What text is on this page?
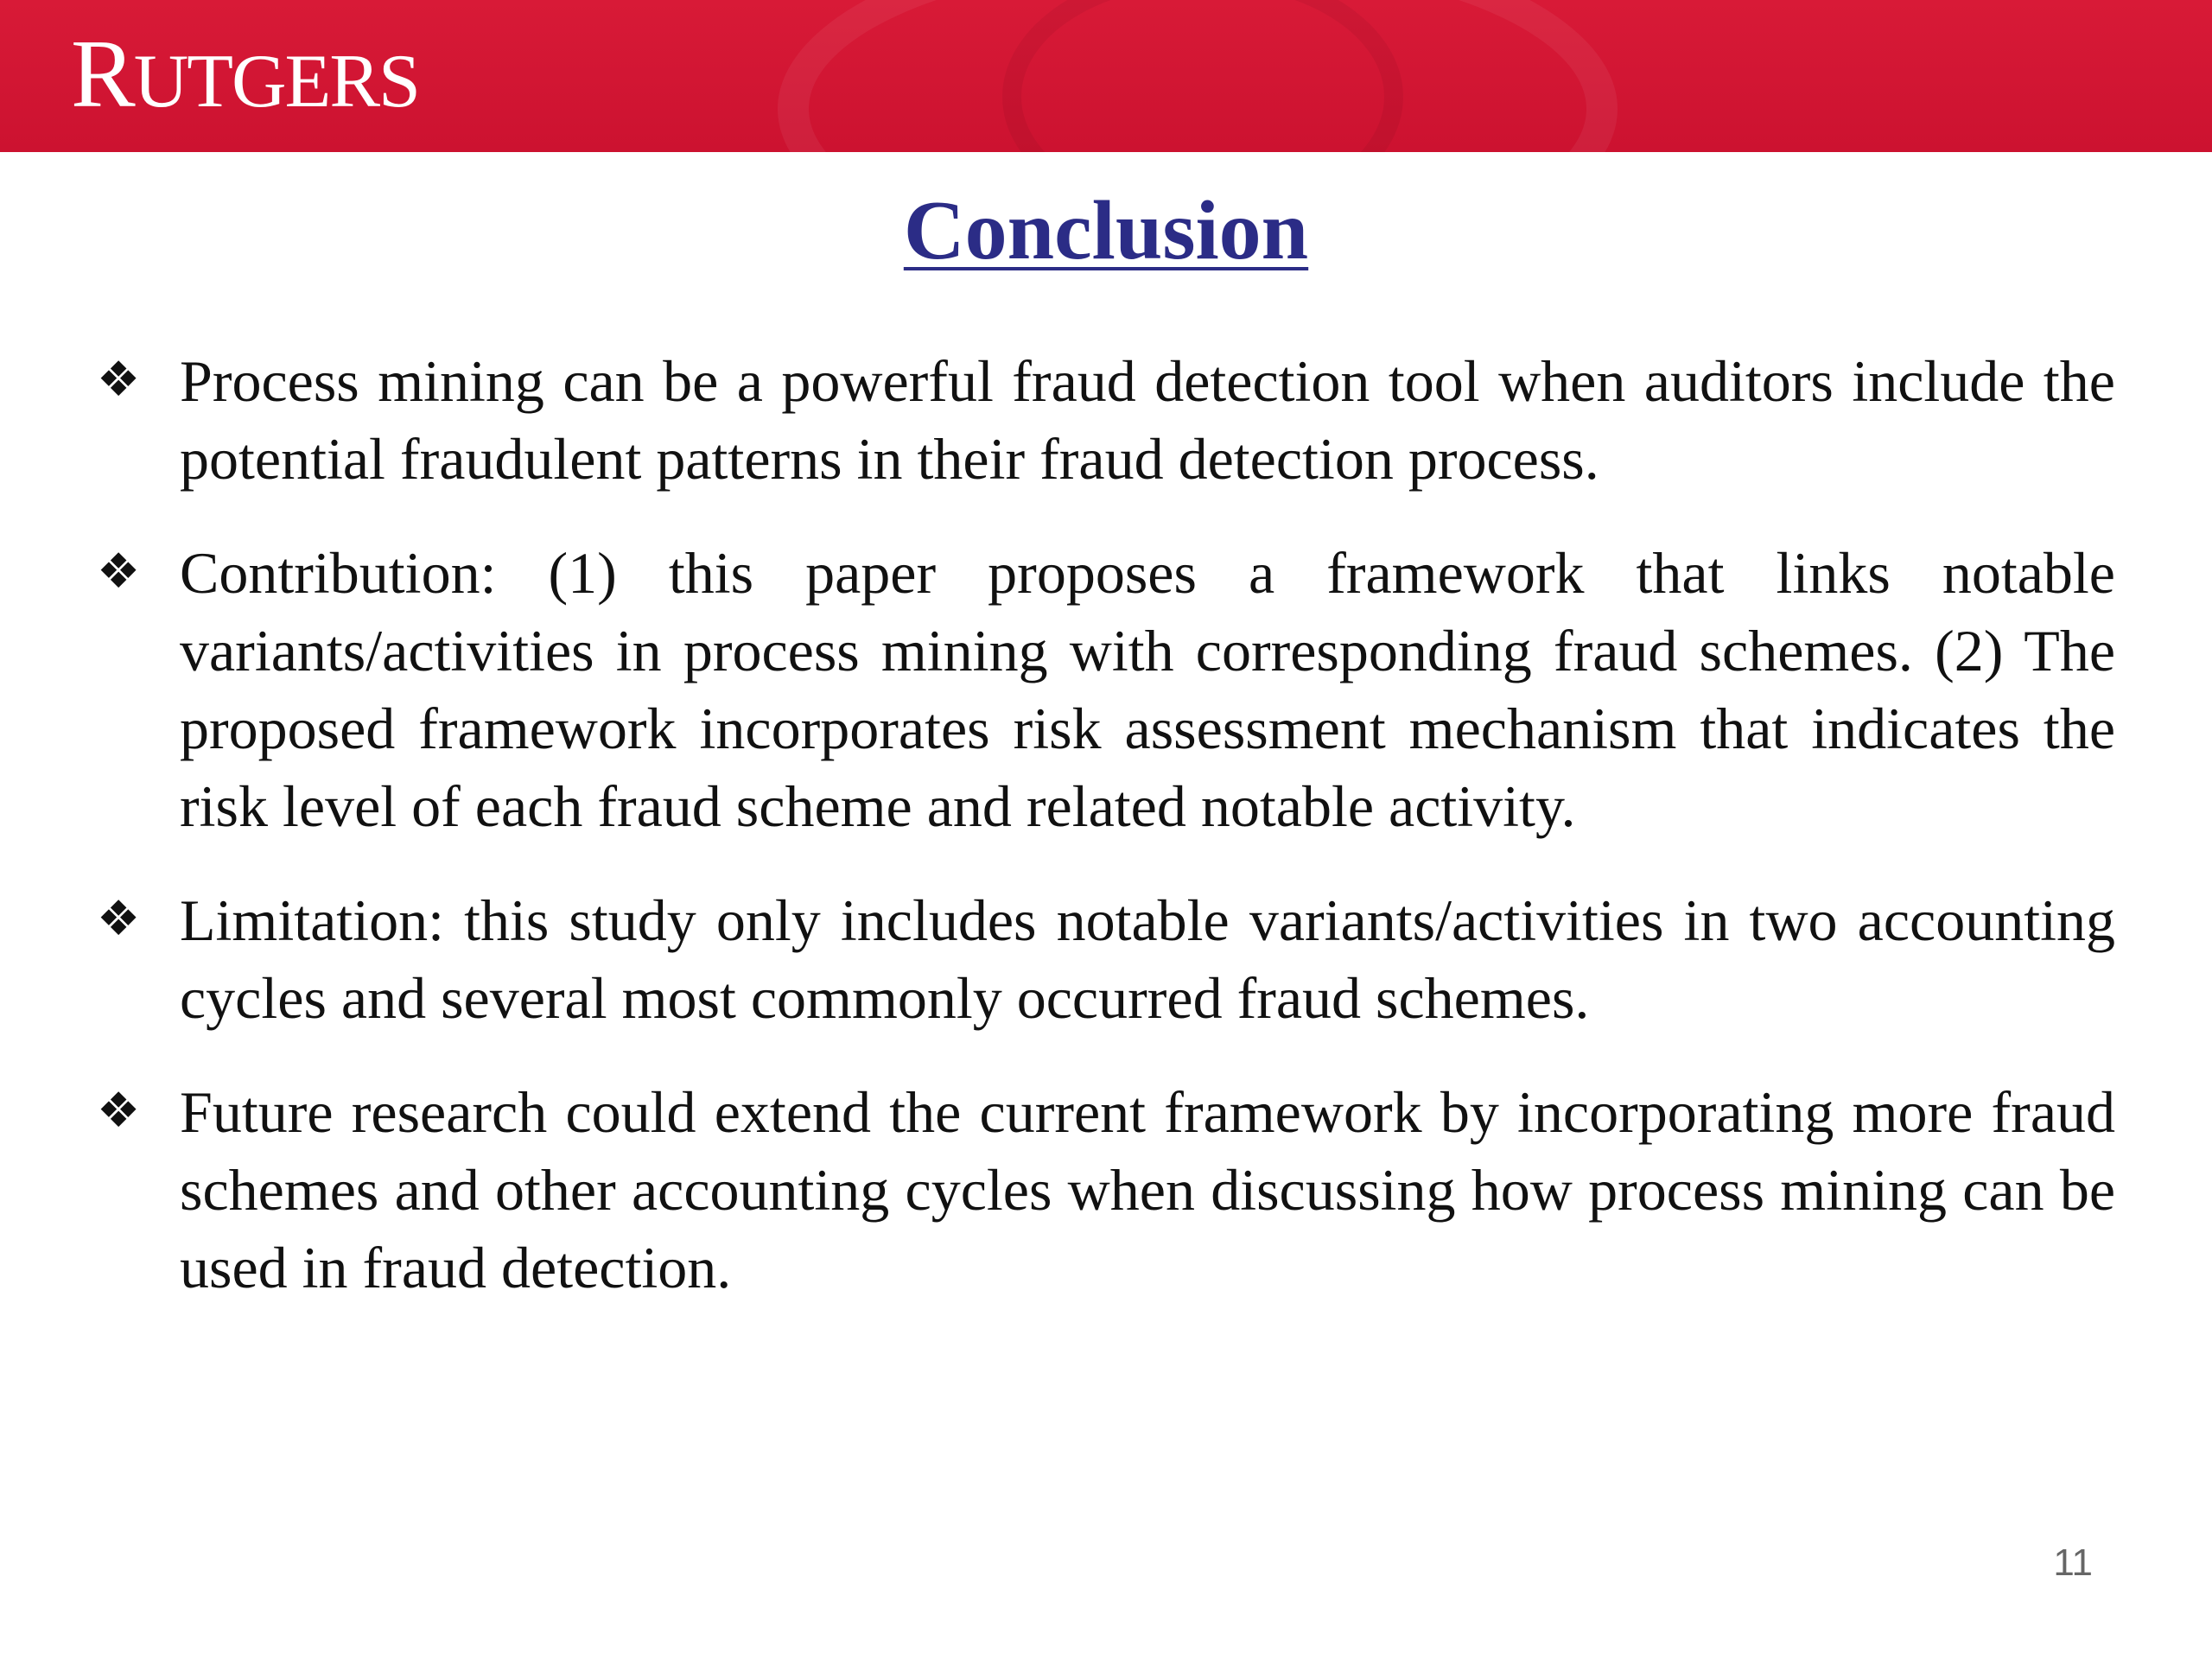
RUTGERS
Conclusion
❖ Process mining can be a powerful fraud detection tool when auditors include the potential fraudulent patterns in their fraud detection process.
❖ Contribution: (1) this paper proposes a framework that links notable variants/activities in process mining with corresponding fraud schemes. (2) The proposed framework incorporates risk assessment mechanism that indicates the risk level of each fraud scheme and related notable activity.
❖ Limitation: this study only includes notable variants/activities in two accounting cycles and several most commonly occurred fraud schemes.
❖ Future research could extend the current framework by incorporating more fraud schemes and other accounting cycles when discussing how process mining can be used in fraud detection.
11
